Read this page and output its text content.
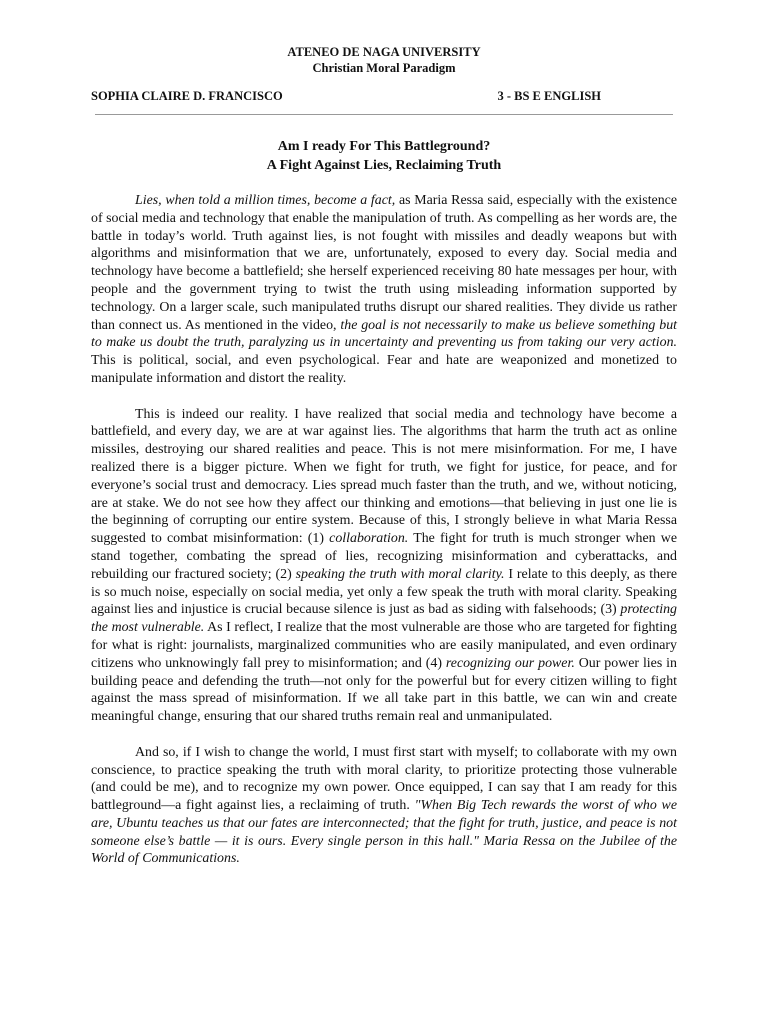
ATENEO DE NAGA UNIVERSITY
Christian Moral Paradigm
SOPHIA CLAIRE D. FRANCISCO	3 - BS E ENGLISH
Am I ready For This Battleground?
A Fight Against Lies, Reclaiming Truth

Lies, when told a million times, become a fact, as Maria Ressa said, especially with the existence of social media and technology that enable the manipulation of truth. As compelling as her words are, the battle in today’s world. Truth against lies, is not fought with missiles and deadly weapons but with algorithms and misinformation that we are, unfortunately, exposed to every day. Social media and technology have become a battlefield; she herself experienced receiving 80 hate messages per hour, with people and the government trying to twist the truth using misleading information supported by technology. On a larger scale, such manipulated truths disrupt our shared realities. They divide us rather than connect us. As mentioned in the video, the goal is not necessarily to make us believe something but to make us doubt the truth, paralyzing us in uncertainty and preventing us from taking our very action. This is political, social, and even psychological. Fear and hate are weaponized and monetized to manipulate information and distort the reality.

This is indeed our reality. I have realized that social media and technology have become a battlefield, and every day, we are at war against lies. The algorithms that harm the truth act as online missiles, destroying our shared realities and peace. This is not mere misinformation. For me, I have realized there is a bigger picture. When we fight for truth, we fight for justice, for peace, and for everyone’s social trust and democracy. Lies spread much faster than the truth, and we, without noticing, are at stake. We do not see how they affect our thinking and emotions—that believing in just one lie is the beginning of corrupting our entire system. Because of this, I strongly believe in what Maria Ressa suggested to combat misinformation: (1) collaboration. The fight for truth is much stronger when we stand together, combating the spread of lies, recognizing misinformation and cyberattacks, and rebuilding our fractured society; (2) speaking the truth with moral clarity. I relate to this deeply, as there is so much noise, especially on social media, yet only a few speak the truth with moral clarity. Speaking against lies and injustice is crucial because silence is just as bad as siding with falsehoods; (3) protecting the most vulnerable. As I reflect, I realize that the most vulnerable are those who are targeted for fighting for what is right: journalists, marginalized communities who are easily manipulated, and even ordinary citizens who unknowingly fall prey to misinformation; and (4) recognizing our power. Our power lies in building peace and defending the truth—not only for the powerful but for every citizen willing to fight against the mass spread of misinformation. If we all take part in this battle, we can win and create meaningful change, ensuring that our shared truths remain real and unmanipulated.

And so, if I wish to change the world, I must first start with myself; to collaborate with my own conscience, to practice speaking the truth with moral clarity, to prioritize protecting those vulnerable (and could be me), and to recognize my own power. Once equipped, I can say that I am ready for this battleground—a fight against lies, a reclaiming of truth. "When Big Tech rewards the worst of who we are, Ubuntu teaches us that our fates are interconnected; that the fight for truth, justice, and peace is not someone else’s battle — it is ours. Every single person in this hall." Maria Ressa on the Jubilee of the World of Communications.
